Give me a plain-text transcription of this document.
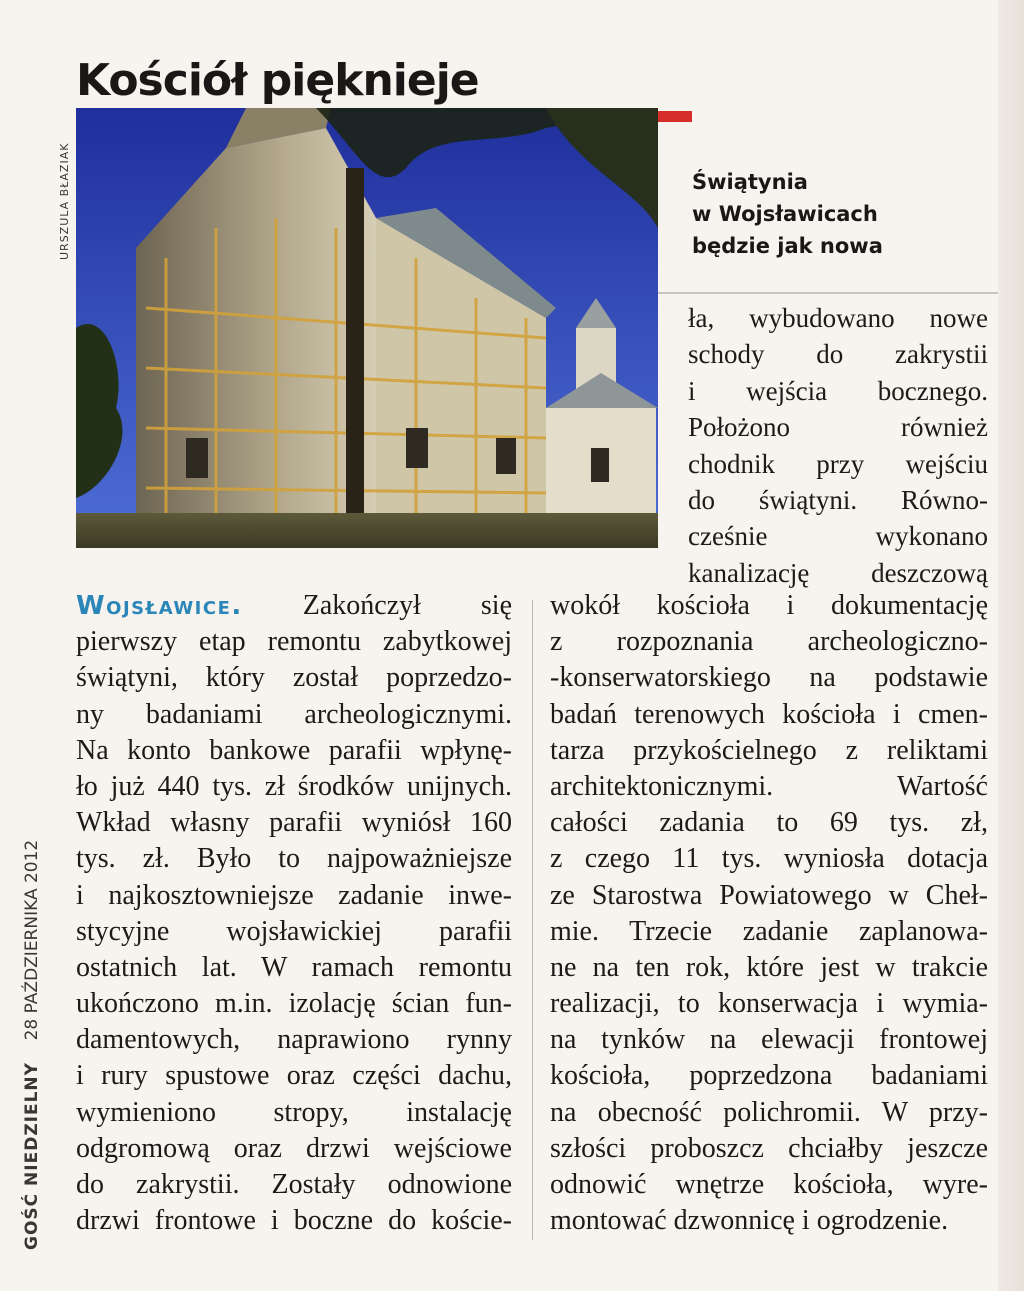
Kościół pięknieje
URSZULA BŁAZIAK	Świątynia
w Wojsławicach
będzie jak nowa
GOŚĆ NIEDZIELNY    28 PAŹDZIERNIKA 2012
ła, wybudowano nowe
schody do zakrystii
i wejścia bocznego.
Położono również
chodnik przy wejściu
do świątyni. Równo-
cześnie wykonano
kanalizację deszczową
Wojsławice. Zakończył się
pierwszy etap remontu zabytkowej
świątyni, który został poprzedzo-
ny badaniami archeologicznymi.
Na konto bankowe parafii wpłynę-
ło już 440 tys. zł środków unijnych.
Wkład własny parafii wyniósł 160
tys. zł. Było to najpoważniejsze
i najkosztowniejsze zadanie inwe-
stycyjne wojsławickiej parafii
ostatnich lat. W ramach remontu
ukończono m.in. izolację ścian fun-
damentowych, naprawiono rynny
i rury spustowe oraz części dachu,
wymieniono stropy, instalację
odgromową oraz drzwi wejściowe
do zakrystii. Zostały odnowione
drzwi frontowe i boczne do koście-
wokół kościoła i dokumentację
z rozpoznania archeologiczno-
-konserwatorskiego na podstawie
badań terenowych kościoła i cmen-
tarza przykościelnego z reliktami
architektonicznymi. Wartość
całości zadania to 69 tys. zł,
z czego 11 tys. wyniosła dotacja
ze Starostwa Powiatowego w Cheł-
mie. Trzecie zadanie zaplanowa-
ne na ten rok, które jest w trakcie
realizacji, to konserwacja i wymia-
na tynków na elewacji frontowej
kościoła, poprzedzona badaniami
na obecność polichromii. W przy-
szłości proboszcz chciałby jeszcze
odnowić wnętrze kościoła, wyre-
montować dzwonnicę i ogrodzenie.
